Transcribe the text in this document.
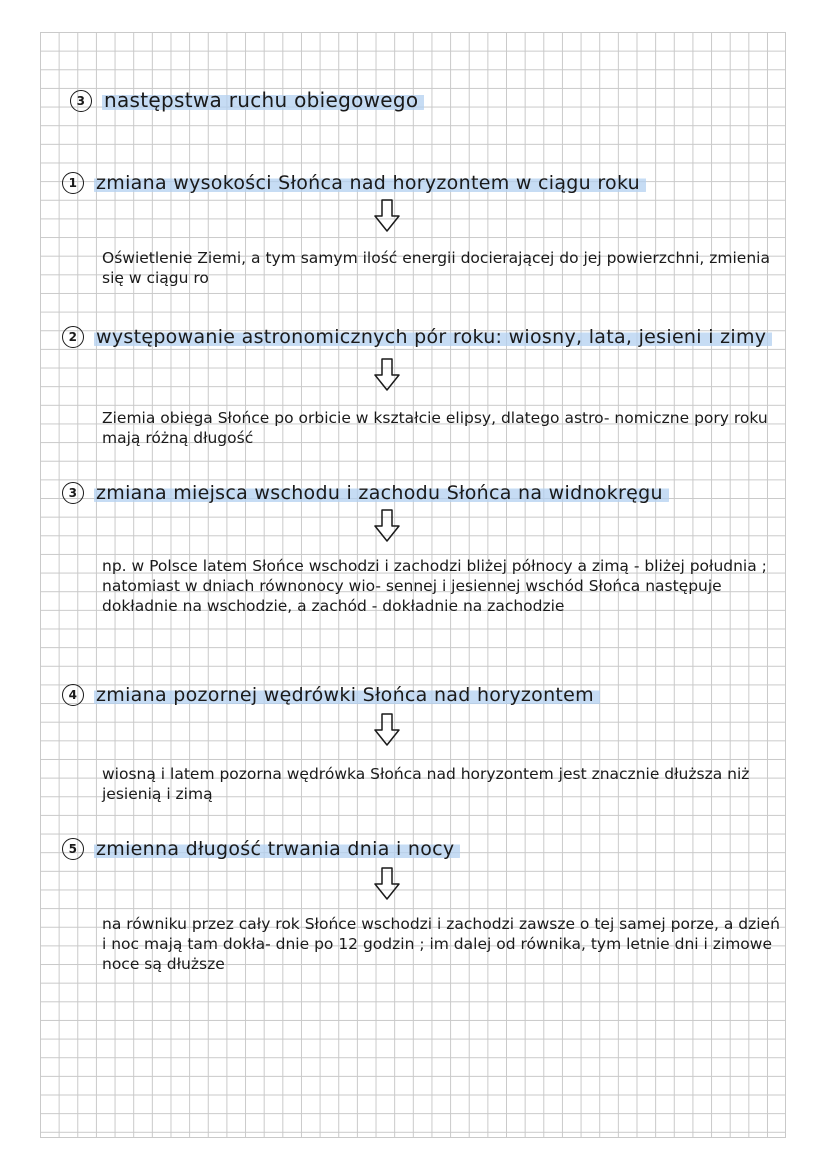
3 następstwa ruchu obiegowego
1 zmiana wysokości Słońca nad horyzontem w ciągu roku
Oświetlenie Ziemi, a tym samym ilość energii docierającej do jej powierzchni, zmienia się w ciągu ro
2 występowanie astronomicznych pór roku: wiosny, lata, jesieni i zimy
Ziemia obiega Słońce po orbicie w kształcie elipsy, dlatego astro- nomiczne pory roku mają różną długość
3 zmiana miejsca wschodu i zachodu Słońca na widnokręgu
np. w Polsce latem Słońce wschodzi i zachodzi bliżej północy a zimą - bliżej południa ; natomiast w dniach równonocy wio- sennej i jesiennej wschód Słońca następuje dokładnie na wschodzie, a zachód - dokładnie na zachodzie
4 zmiana pozornej wędrówki Słońca nad horyzontem
wiosną i latem pozorna wędrówka Słońca nad horyzontem jest znacznie dłuższa niż jesienią i zimą
5 zmienna długość trwania dnia i nocy
na równiku przez cały rok Słońce wschodzi i zachodzi zawsze o tej samej porze, a dzień i noc mają tam dokła- dnie po 12 godzin ; im dalej od równika, tym letnie dni i zimowe noce są dłuższe
